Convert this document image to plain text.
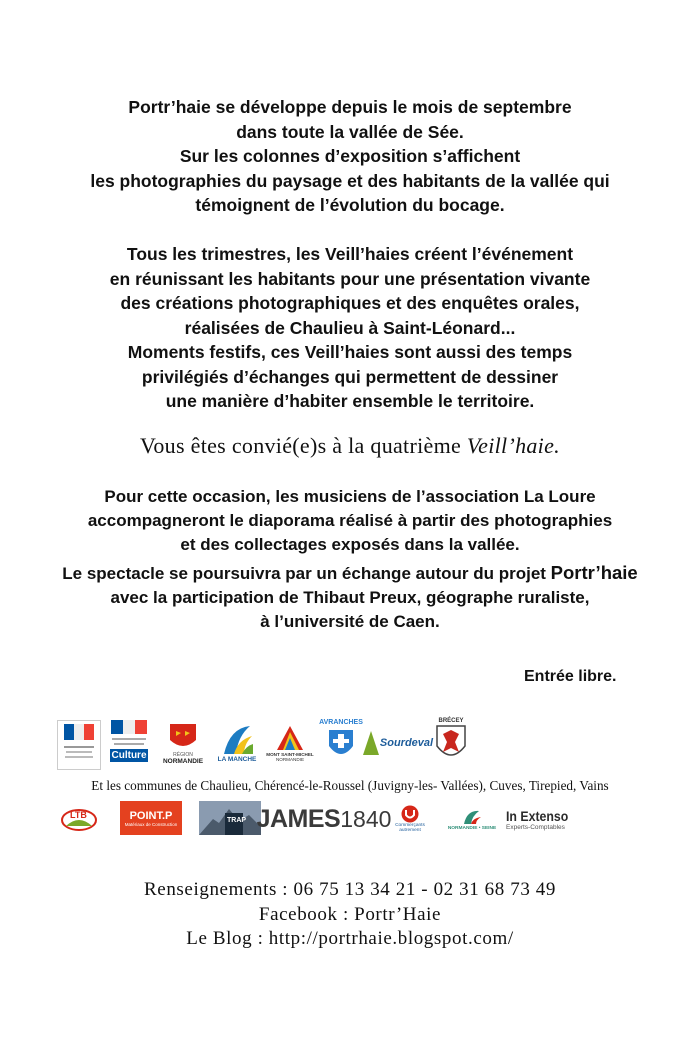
Portr’haie se développe depuis le mois de septembre
dans toute la vallée de Sée.
Sur les colonnes d’exposition s’affichent
les photographies du paysage et des habitants de la vallée qui
témoignent de l’évolution du bocage.
Tous les trimestres, les Veill’haies créent l’événement
en réunissant les habitants pour une présentation vivante
des créations photographiques et des enquêtes orales,
réalisées de Chaulieu à Saint-Léonard...
Moments festifs, ces Veill’haies sont aussi des temps
privilégiés d’échanges qui permettent de dessiner
une manière d’habiter ensemble le territoire.
Vous êtes convié(e)s à la quatrième Veill’haie.
Pour cette occasion, les musiciens de l’association La Loure
accompagneront le diaporama réalisé à partir des photographies
et des collectages exposés dans la vallée.
Le spectacle se poursuivra par un échange autour du projet Portr’haie
avec la participation de Thibaut Preux, géographe ruraliste,
à l’université de Caen.
Entrée libre.
Culture	RÉGION
NORMANDIE LA MANCHE
MONT SAINT-MICHEL
NORMANDIE
AVRANCHES
Sourdeval
BRÉCEY
Et les communes de Chaulieu, Chérencé-le-Roussel (Juvigny-les- Vallées), Cuves, Tirepied, Vains
LTB	POINT.P
Matériaux de Construction	TRAP JAMES 1840 Commerçants
autrement	NORMANDIE • SEINE
In Extenso
Experts-Comptables
Renseignements : 06 75 13 34 21 - 02 31 68 73 49
Facebook : Portr’Haie
Le Blog : http://portrhaie.blogspot.com/
